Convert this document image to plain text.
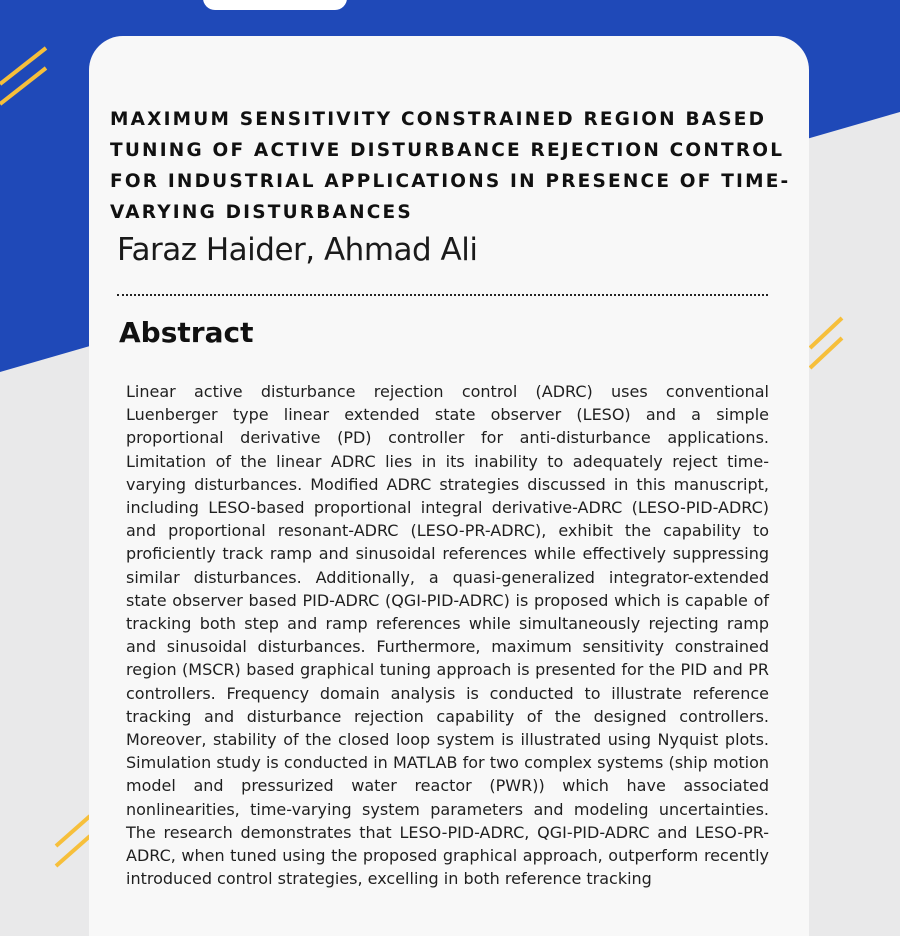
MAXIMUM SENSITIVITY CONSTRAINED REGION BASED TUNING OF ACTIVE DISTURBANCE REJECTION CONTROL FOR INDUSTRIAL APPLICATIONS IN PRESENCE OF TIME-VARYING DISTURBANCES
Faraz Haider, Ahmad Ali
Abstract

Linear active disturbance rejection control (ADRC) uses conventional Luenberger type linear extended state observer (LESO) and a simple proportional derivative (PD) controller for anti-disturbance applications. Limitation of the linear ADRC lies in its inability to adequately reject time-varying disturbances. Modified ADRC strategies discussed in this manuscript, including LESO-based proportional integral derivative-ADRC (LESO-PID-ADRC) and proportional resonant-ADRC (LESO-PR-ADRC), exhibit the capability to proficiently track ramp and sinusoidal references while effectively suppressing similar disturbances. Additionally, a quasi-generalized integrator-extended state observer based PID-ADRC (QGI-PID-ADRC) is proposed which is capable of tracking both step and ramp references while simultaneously rejecting ramp and sinusoidal disturbances. Furthermore, maximum sensitivity constrained region (MSCR) based graphical tuning approach is presented for the PID and PR controllers. Frequency domain analysis is conducted to illustrate reference tracking and disturbance rejection capability of the designed controllers. Moreover, stability of the closed loop system is illustrated using Nyquist plots. Simulation study is conducted in MATLAB for two complex systems (ship motion model and pressurized water reactor (PWR)) which have associated nonlinearities, time-varying system parameters and modeling uncertainties. The research demonstrates that LESO-PID-ADRC, QGI-PID-ADRC and LESO-PR-ADRC, when tuned using the proposed graphical approach, outperform recently introduced control strategies, excelling in both reference tracking
